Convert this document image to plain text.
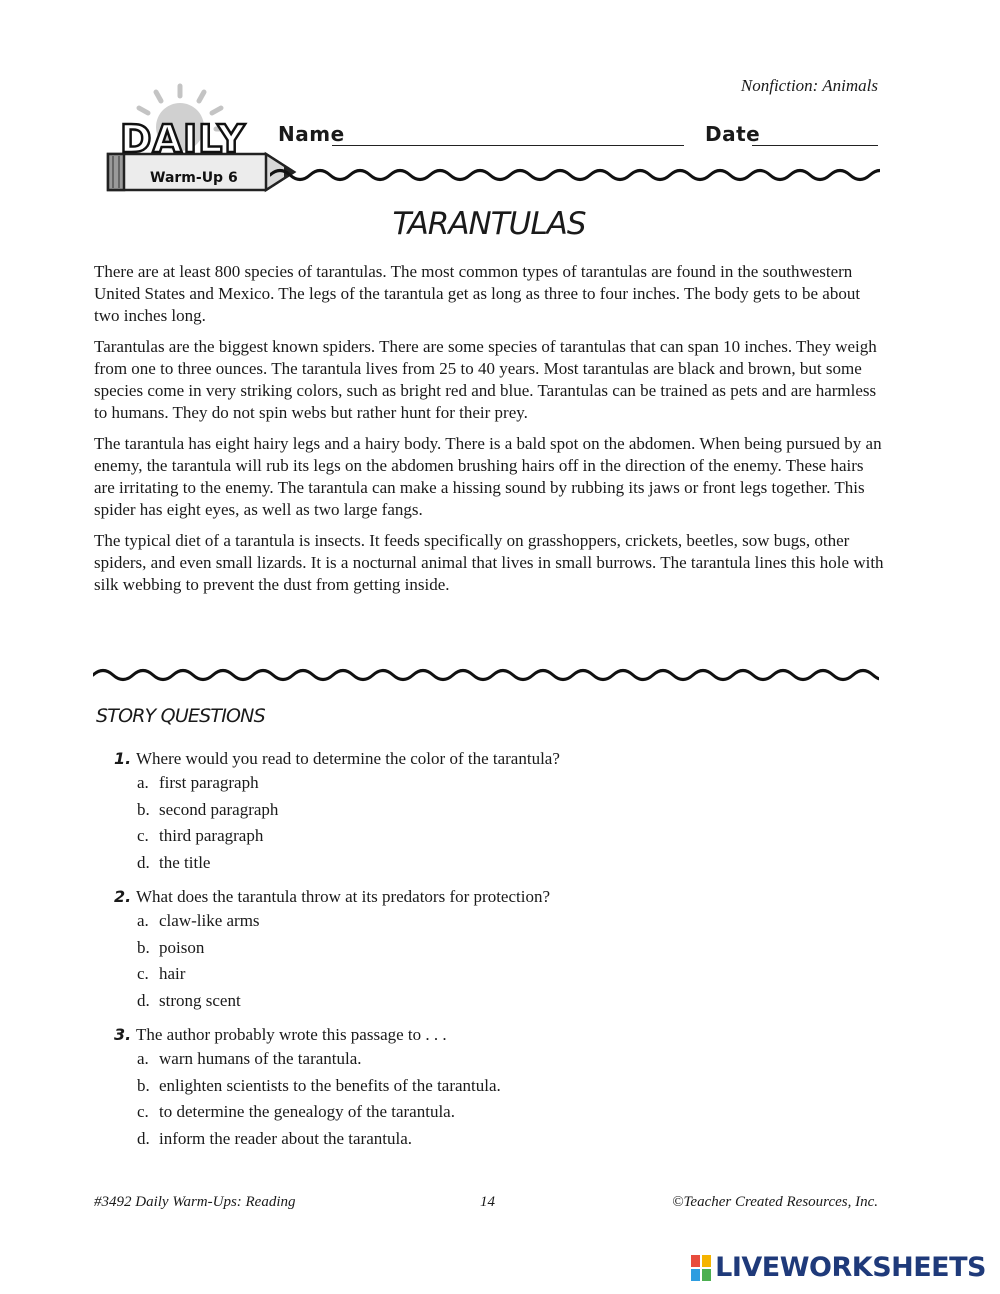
Nonfiction: Animals
DAILY
Warm-Up 6
Name	Date
TARANTULAS

There are at least 800 species of tarantulas. The most common types of tarantulas are found in the southwestern United States and Mexico. The legs of the tarantula get as long as three to four inches. The body gets to be about two inches long.

Tarantulas are the biggest known spiders. There are some species of tarantulas that can span 10 inches. They weigh from one to three ounces. The tarantula lives from 25 to 40 years. Most tarantulas are black and brown, but some species come in very striking colors, such as bright red and blue. Tarantulas can be trained as pets and are harmless to humans. They do not spin webs but rather hunt for their prey.

The tarantula has eight hairy legs and a hairy body. There is a bald spot on the abdomen. When being pursued by an enemy, the tarantula will rub its legs on the abdomen brushing hairs off in the direction of the enemy. These hairs are irritating to the enemy. The tarantula can make a hissing sound by rubbing its jaws or front legs together. This spider has eight eyes, as well as two large fangs.

The typical diet of a tarantula is insects. It feeds specifically on grasshoppers, crickets, beetles, sow bugs, other spiders, and even small lizards. It is a nocturnal animal that lives in small burrows. The tarantula lines this hole with silk webbing to prevent the dust from getting inside.

STORY QUESTIONS
1. Where would you read to determine the color of the tarantula?
a. first paragraph
b. second paragraph
c. third paragraph
d. the title
2. What does the tarantula throw at its predators for protection?
a. claw-like arms
b. poison
c. hair
d. strong scent
3. The author probably wrote this passage to . . .
a. warn humans of the tarantula.
b. enlighten scientists to the benefits of the tarantula.
c. to determine the genealogy of the tarantula.
d. inform the reader about the tarantula.
#3492 Daily Warm-Ups: Reading	14	©Teacher Created Resources, Inc.
LIVEWORKSHEETS
